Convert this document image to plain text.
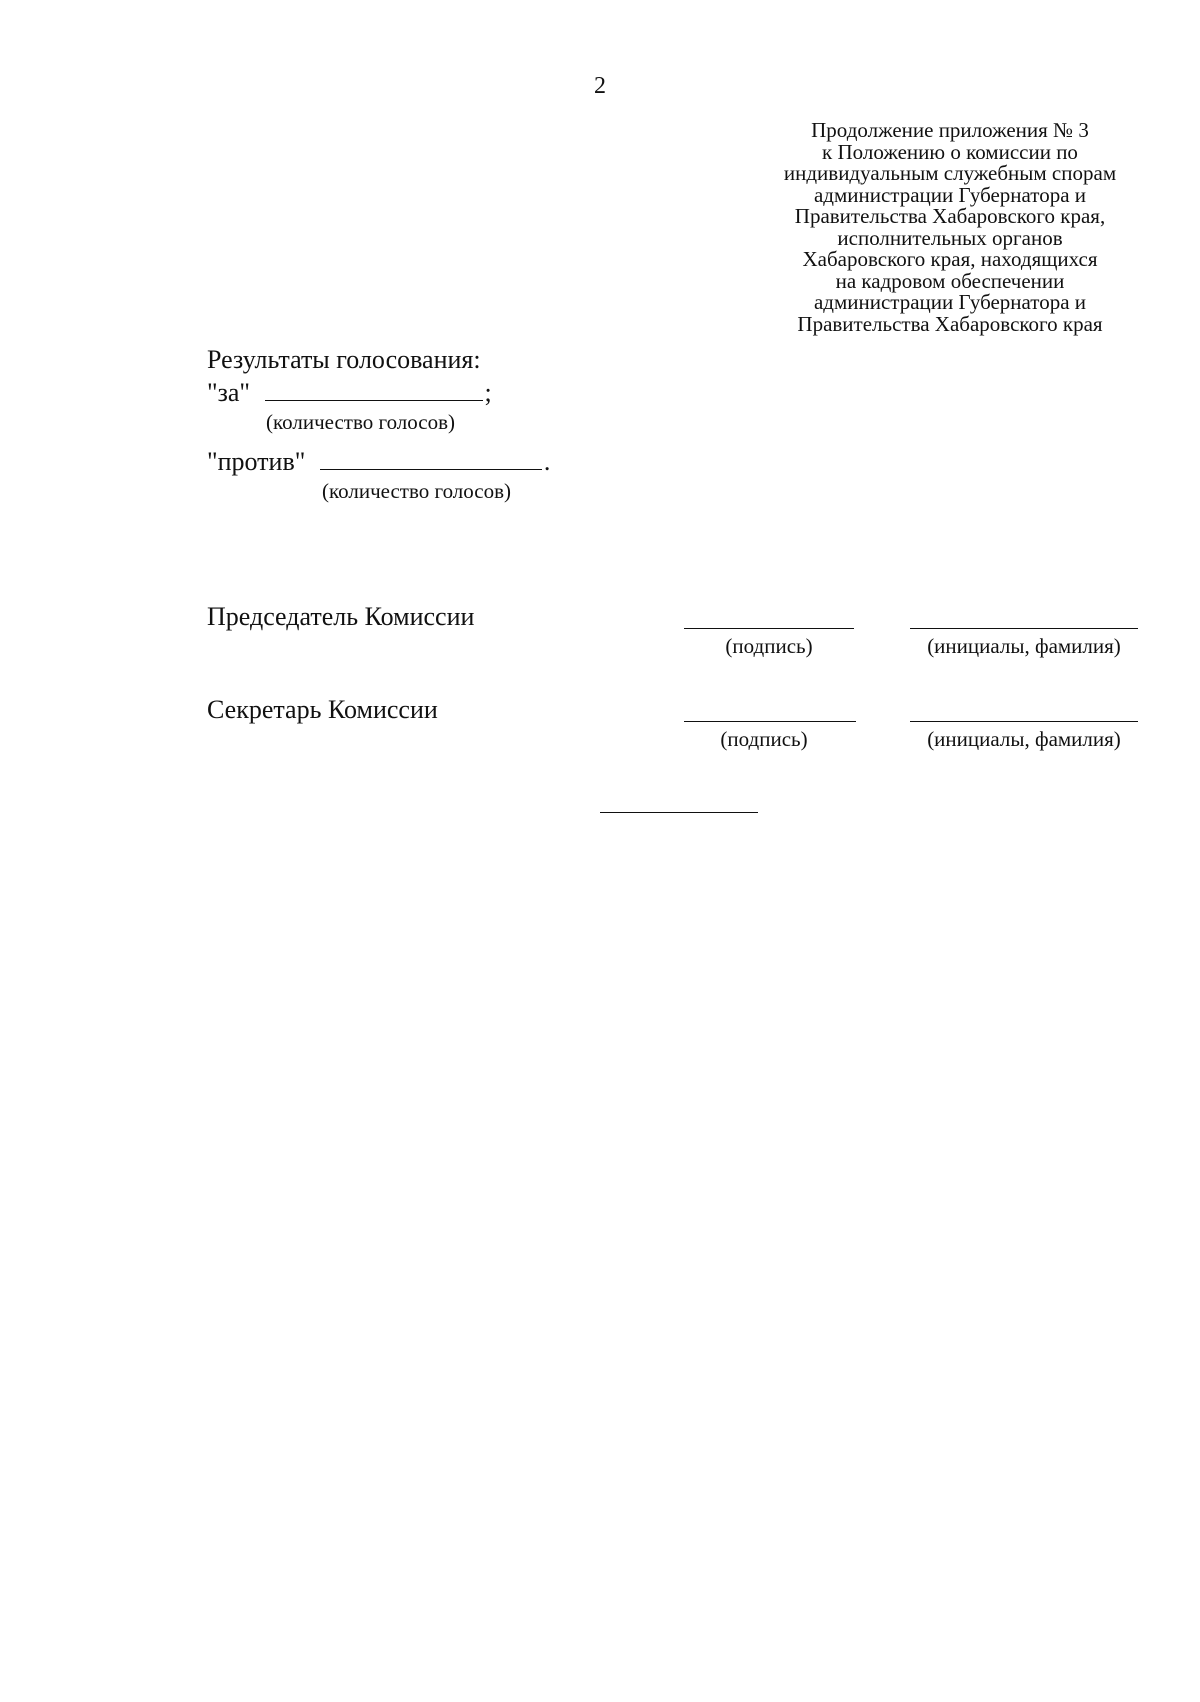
2
Продолжение приложения № 3
к Положению о комиссии по
индивидуальным служебным спорам
администрации Губернатора и
Правительства Хабаровского края,
исполнительных органов
Хабаровского края, находящихся
на кадровом обеспечении
администрации Губернатора и
Правительства Хабаровского края
Результаты голосования:
"за"	;
(количество голосов)
"против"	.
(количество голосов)
Председатель Комиссии
(подпись)	(инициалы, фамилия)
Секретарь Комиссии
(подпись)	(инициалы, фамилия)
